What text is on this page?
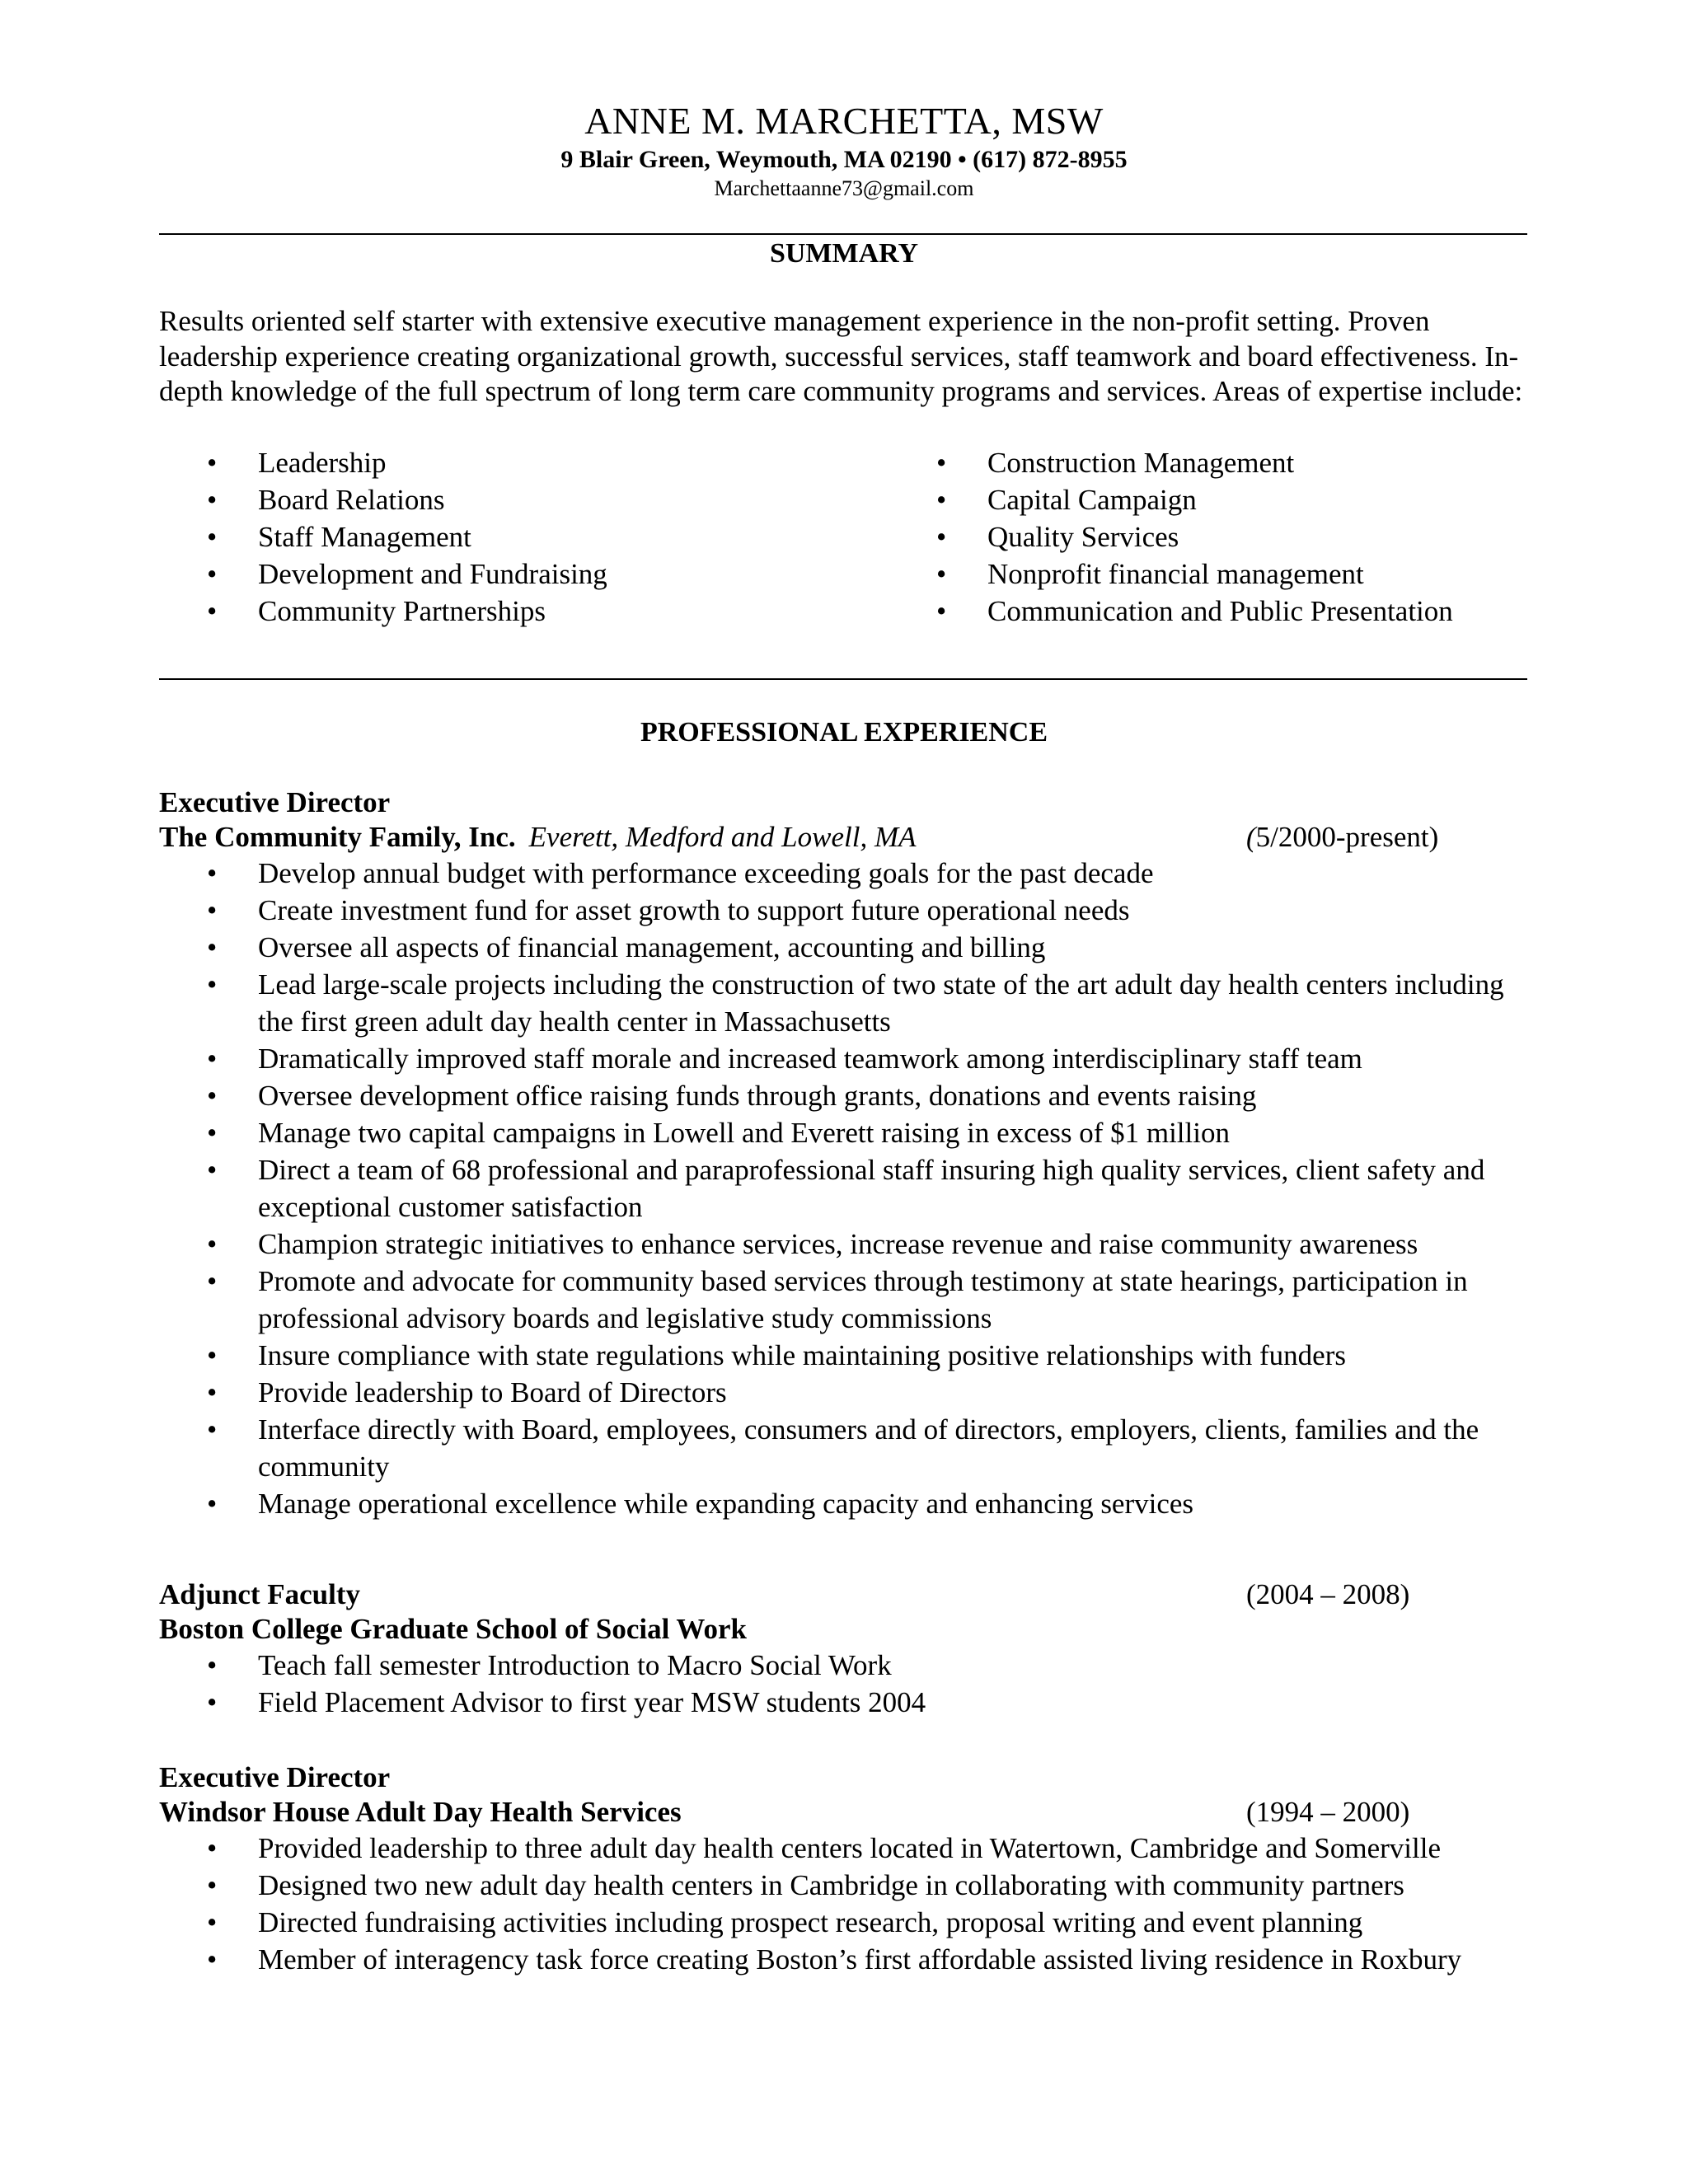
ANNE M. MARCHETTA, MSW
9 Blair Green, Weymouth, MA 02190 • (617) 872-8955
Marchettaanne73@gmail.com
SUMMARY

Results oriented self starter with extensive executive management experience in the non-profit setting. Proven leadership experience creating organizational growth, successful services, staff teamwork and board effectiveness. In-depth knowledge of the full spectrum of long term care community programs and services. Areas of expertise include:

• Leadership
• Board Relations
• Staff Management
• Development and Fundraising
• Community Partnerships
• Construction Management
• Capital Campaign
• Quality Services
• Nonprofit financial management
• Communication and Public Presentation
PROFESSIONAL EXPERIENCE
Executive Director
The Community Family, Inc. Everett, Medford and Lowell, MA	(5/2000-present)
• Develop annual budget with performance exceeding goals for the past decade
• Create investment fund for asset growth to support future operational needs
• Oversee all aspects of financial management, accounting and billing
• Lead large-scale projects including the construction of two state of the art adult day health centers including the first green adult day health center in Massachusetts
• Dramatically improved staff morale and increased teamwork among interdisciplinary staff team
• Oversee development office raising funds through grants, donations and events raising
• Manage two capital campaigns in Lowell and Everett raising in excess of $1 million
• Direct a team of 68 professional and paraprofessional staff insuring high quality services, client safety and exceptional customer satisfaction
• Champion strategic initiatives to enhance services, increase revenue and raise community awareness
• Promote and advocate for community based services through testimony at state hearings, participation in professional advisory boards and legislative study commissions
• Insure compliance with state regulations while maintaining positive relationships with funders
• Provide leadership to Board of Directors
• Interface directly with Board, employees, consumers and of directors, employers, clients, families and the community
• Manage operational excellence while expanding capacity and enhancing services
Adjunct Faculty	(2004 – 2008)
Boston College Graduate School of Social Work
• Teach fall semester Introduction to Macro Social Work
• Field Placement Advisor to first year MSW students 2004
Executive Director
Windsor House Adult Day Health Services	(1994 – 2000)
• Provided leadership to three adult day health centers located in Watertown, Cambridge and Somerville
• Designed two new adult day health centers in Cambridge in collaborating with community partners
• Directed fundraising activities including prospect research, proposal writing and event planning
• Member of interagency task force creating Boston’s first affordable assisted living residence in Roxbury
